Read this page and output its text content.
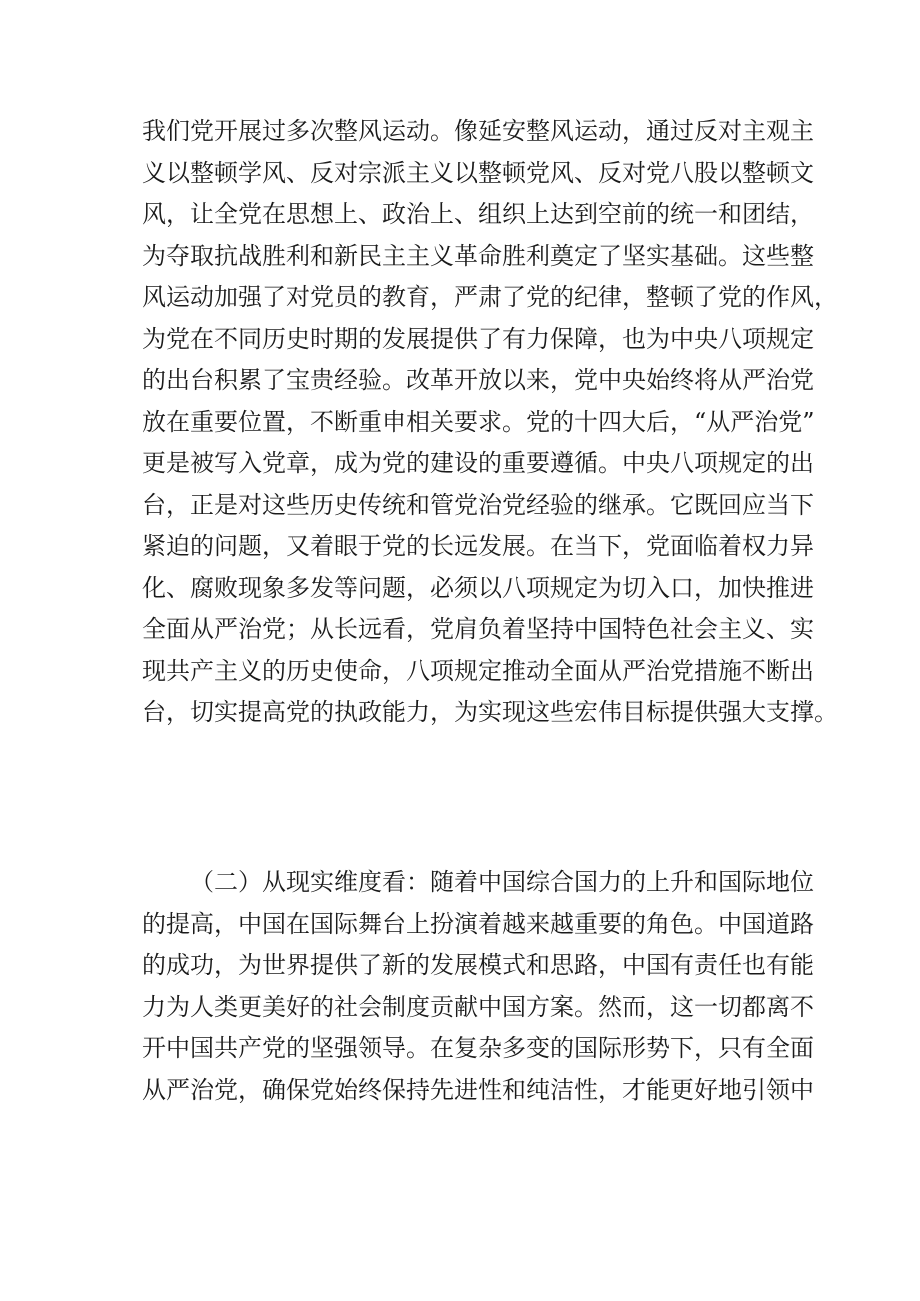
我们党开展过多次整风运动。像延安整风运动，通过反对主观主
义以整顿学风、反对宗派主义以整顿党风、反对党八股以整顿文
风，让全党在思想上、政治上、组织上达到空前的统一和团结，
为夺取抗战胜利和新民主主义革命胜利奠定了坚实基础。这些整
风运动加强了对党员的教育，严肃了党的纪律，整顿了党的作风，
为党在不同历史时期的发展提供了有力保障，也为中央八项规定
的出台积累了宝贵经验。改革开放以来，党中央始终将从严治党
放在重要位置，不断重申相关要求。党的十四大后，“从严治党”
更是被写入党章，成为党的建设的重要遵循。中央八项规定的出
台，正是对这些历史传统和管党治党经验的继承。它既回应当下
紧迫的问题，又着眼于党的长远发展。在当下，党面临着权力异
化、腐败现象多发等问题，必须以八项规定为切入口，加快推进
全面从严治党；从长远看，党肩负着坚持中国特色社会主义、实
现共产主义的历史使命，八项规定推动全面从严治党措施不断出
台，切实提高党的执政能力，为实现这些宏伟目标提供强大支撑。
（二）从现实维度看：随着中国综合国力的上升和国际地位
的提高，中国在国际舞台上扮演着越来越重要的角色。中国道路
的成功，为世界提供了新的发展模式和思路，中国有责任也有能
力为人类更美好的社会制度贡献中国方案。然而，这一切都离不
开中国共产党的坚强领导。在复杂多变的国际形势下，只有全面
从严治党，确保党始终保持先进性和纯洁性，才能更好地引领中
